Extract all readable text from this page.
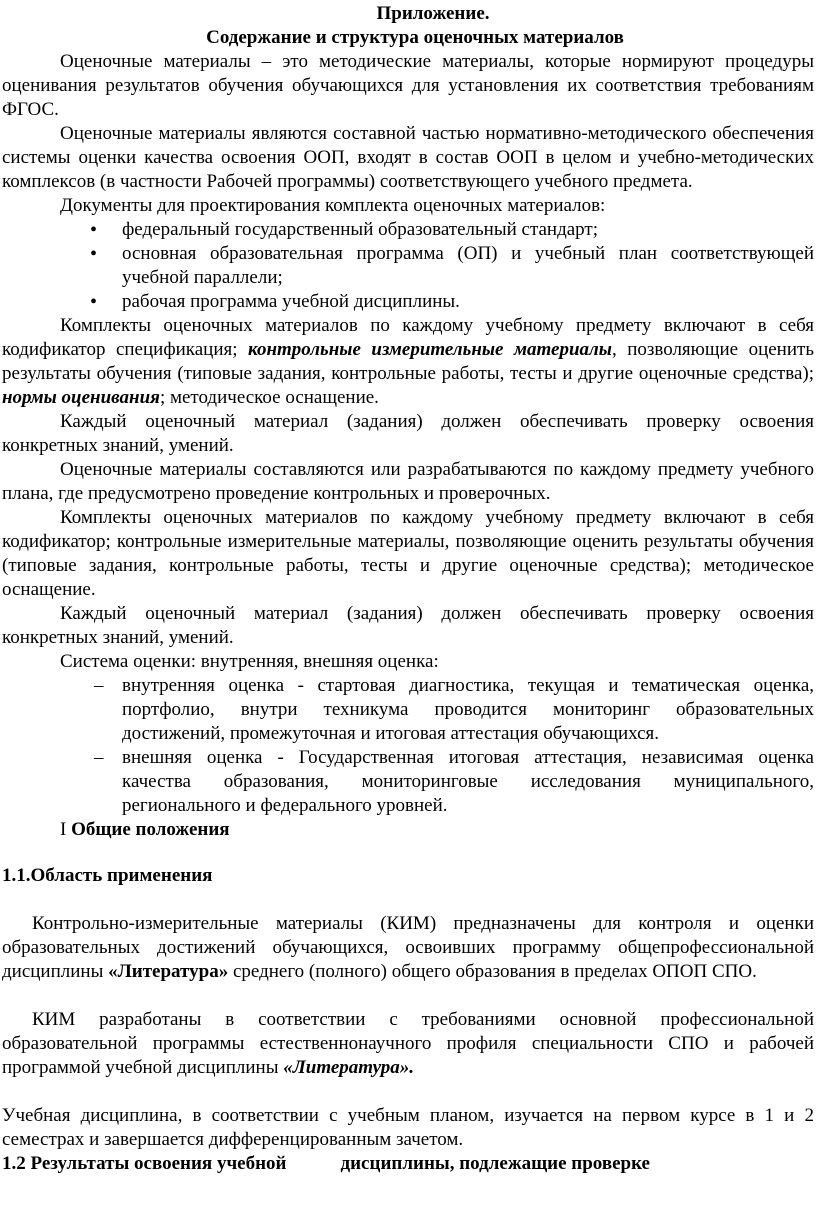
Приложение.

Содержание и структура оценочных материалов

Оценочные материалы – это методические материалы, которые нормируют процедуры оценивания результатов обучения обучающихся для установления их соответствия требованиям ФГОС.

Оценочные материалы являются составной частью нормативно-методического обеспечения системы оценки качества освоения ООП, входят в состав ООП в целом и учебно-методических комплексов (в частности Рабочей программы) соответствующего учебного предмета.

Документы для проектирования комплекта оценочных материалов:

• федеральный государственный образовательный стандарт;
• основная образовательная программа (ОП) и учебный план соответствующей учебной параллели;
• рабочая программа учебной дисциплины.

Комплекты оценочных материалов по каждому учебному предмету включают в себя кодификатор спецификация; контрольные измерительные материалы, позволяющие оценить результаты обучения (типовые задания, контрольные работы, тесты и другие оценочные средства); нормы оценивания; методическое оснащение.

Каждый оценочный материал (задания) должен обеспечивать проверку освоения конкретных знаний, умений.

Оценочные материалы составляются или разрабатываются по каждому предмету учебного плана, где предусмотрено проведение контрольных и проверочных.

Комплекты оценочных материалов по каждому учебному предмету включают в себя кодификатор; контрольные измерительные материалы, позволяющие оценить результаты обучения (типовые задания, контрольные работы, тесты и другие оценочные средства); методическое оснащение.

Каждый оценочный материал (задания) должен обеспечивать проверку освоения конкретных знаний, умений.

Система оценки: внутренняя, внешняя оценка:

– внутренняя оценка - стартовая диагностика, текущая и тематическая оценка, портфолио, внутри техникума проводится мониторинг образовательных достижений, промежуточная и итоговая аттестация обучающихся.
– внешняя оценка - Государственная итоговая аттестация, независимая оценка качества образования, мониторинговые исследования муниципального, регионального и федерального уровней.

I Общие положения

1.1.Область применения

Контрольно-измерительные материалы (КИМ) предназначены для контроля и оценки образовательных достижений обучающихся, освоивших программу общепрофессиональной дисциплины «Литература» среднего (полного) общего образования в пределах ОПОП СПО.

КИМ разработаны в соответствии с требованиями основной профессиональной образовательной программы естественнонаучного профиля специальности СПО и рабочей программой учебной дисциплины «Литература».

Учебная дисциплина, в соответствии с учебным планом, изучается на первом курсе в 1 и 2 семестрах и завершается дифференцированным зачетом.

1.2 Результаты освоения учебной	дисциплины, подлежащие проверке
